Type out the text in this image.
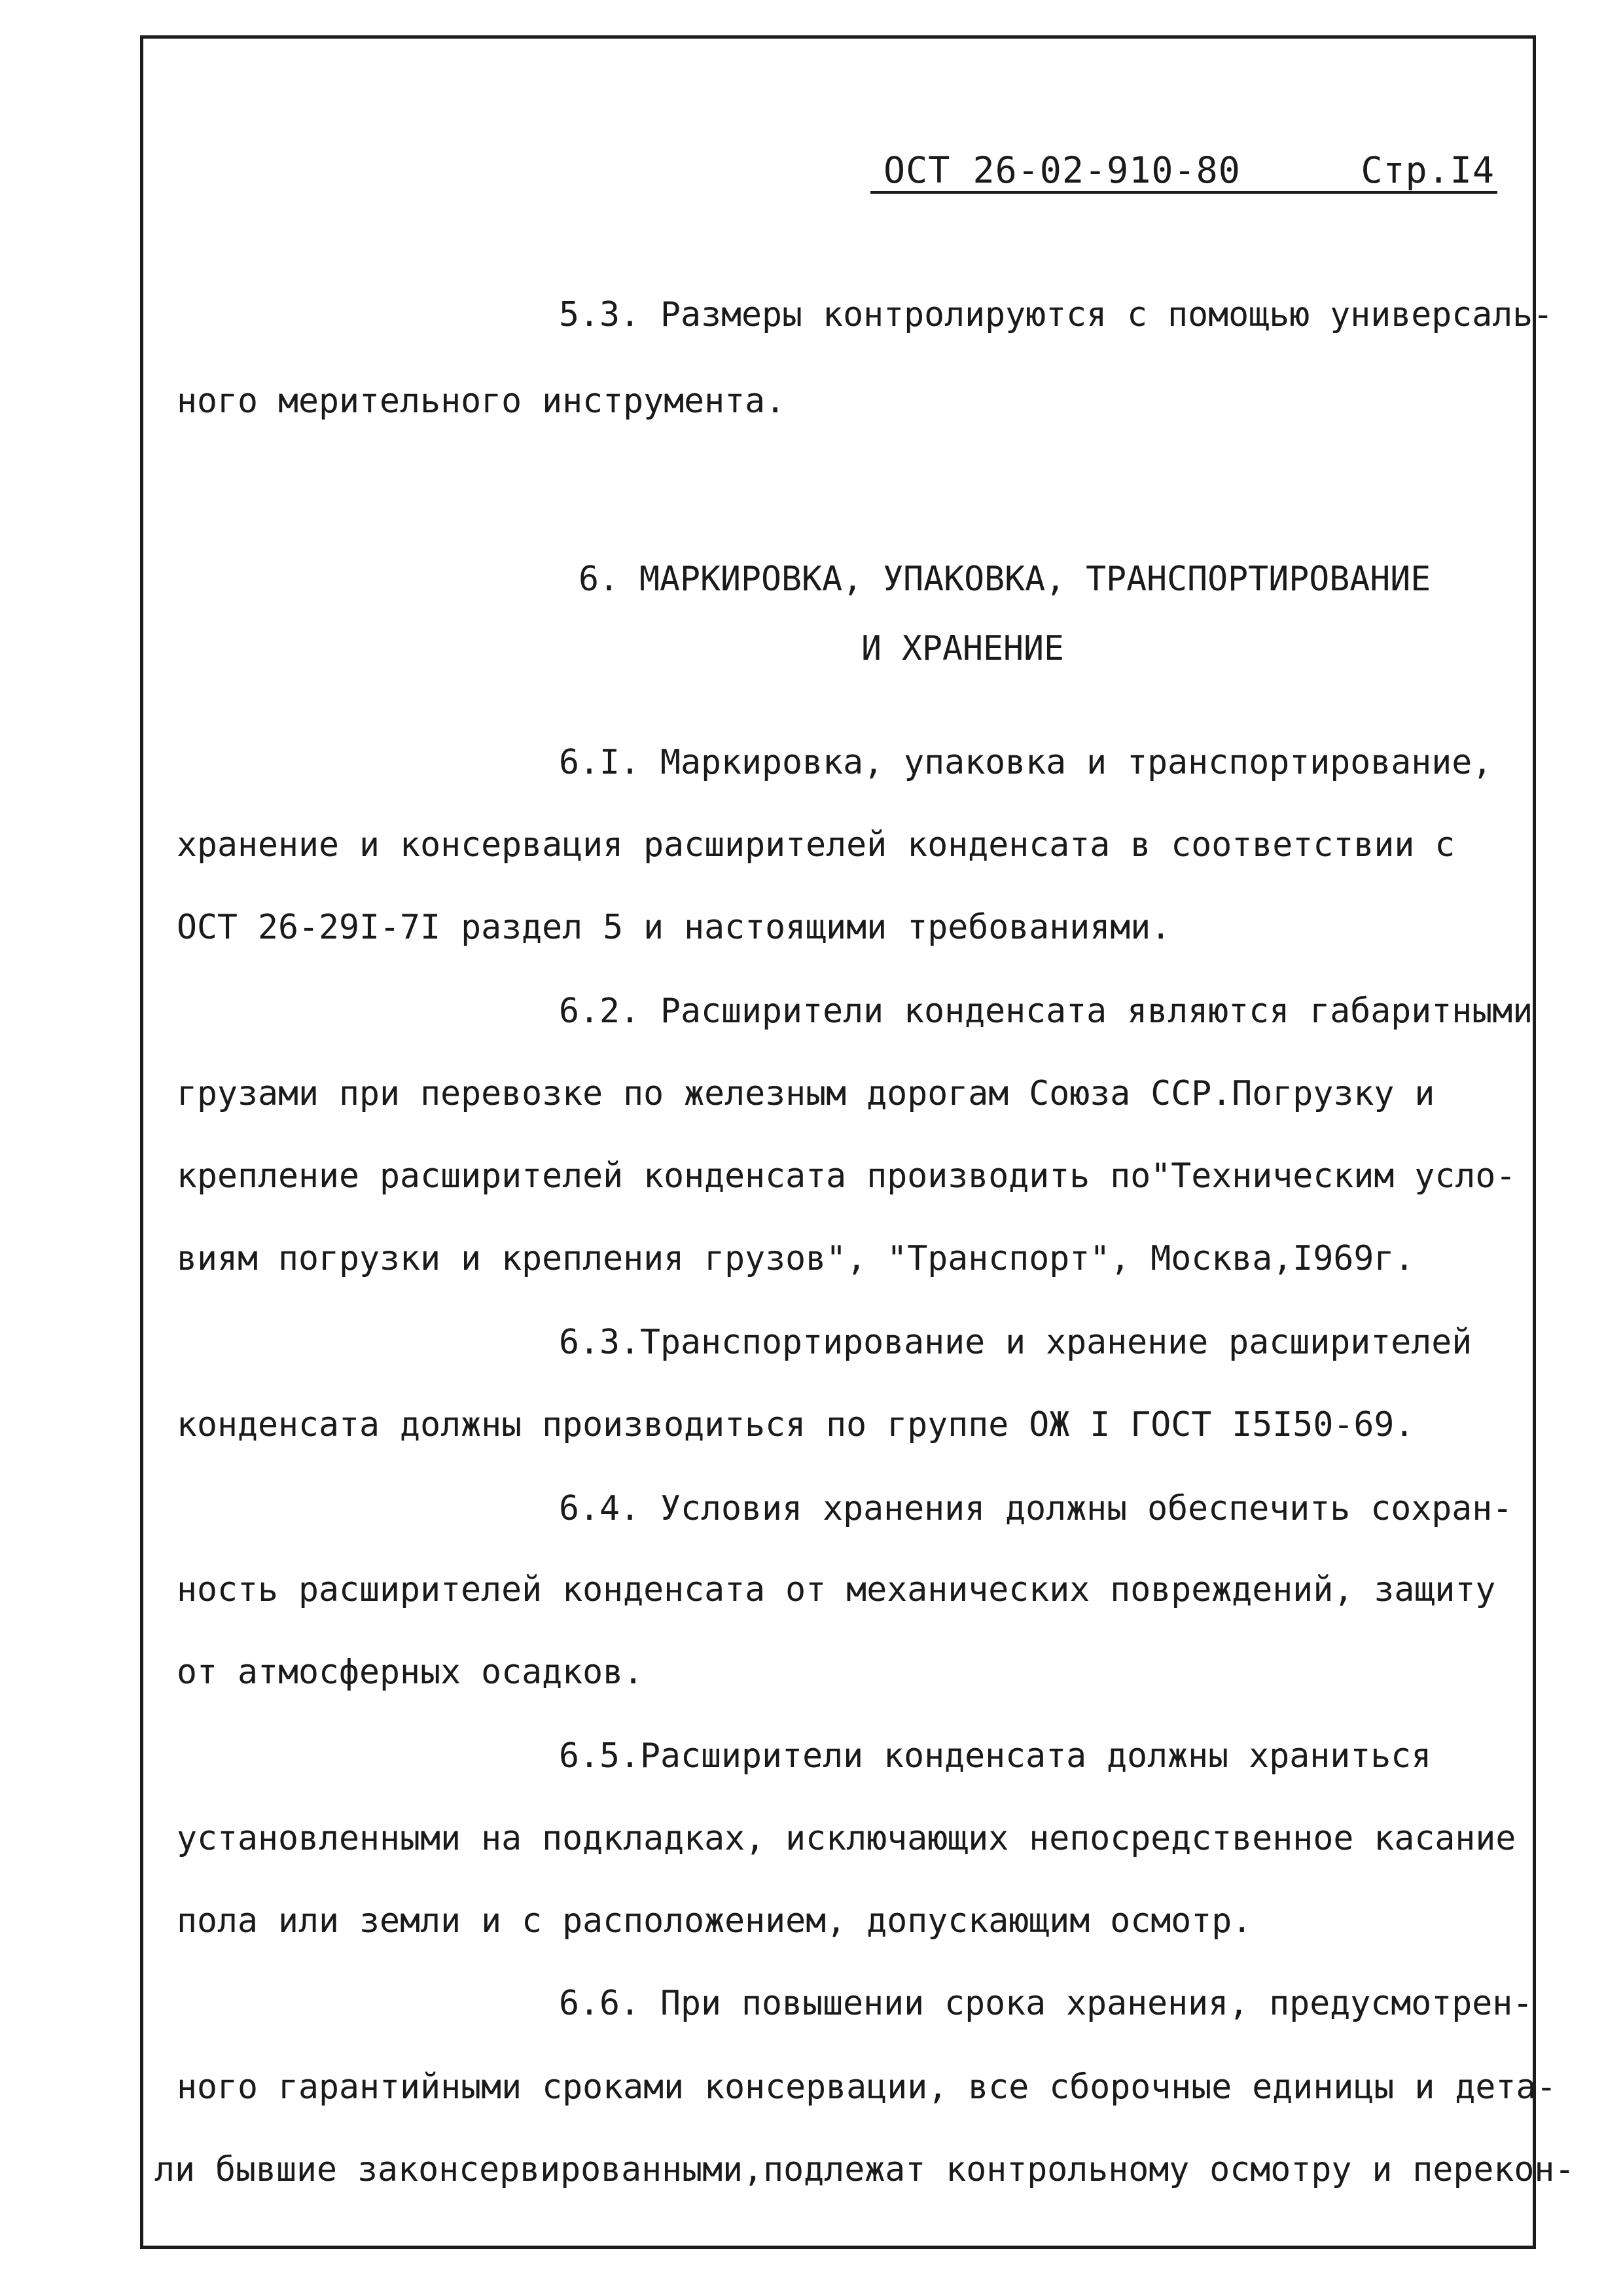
ОСТ 26-02-910-80	Стр.I4
5.3. Размеры контролируются с помощью универсаль-
ного мерительного инструмента.
6. МАРКИРОВКА, УПАКОВКА, ТРАНСПОРТИРОВАНИЕ
И ХРАНЕНИЕ
6.I. Маркировка, упаковка и транспортирование,
хранение и консервация расширителей конденсата в соответствии с
ОСТ 26-29I-7I раздел 5 и настоящими требованиями.
6.2. Расширители конденсата являются габаритными
грузами при перевозке по железным дорогам Союза ССР.Погрузку и
крепление расширителей конденсата производить по"Техническим усло-
виям погрузки и крепления грузов", "Транспорт", Москва,I969г.
6.3.Транспортирование и хранение расширителей
конденсата должны производиться по группе ОЖ I ГОСТ I5I50-69.
6.4. Условия хранения должны обеспечить сохран-
ность расширителей конденсата от механических повреждений, защиту
от атмосферных осадков.
6.5.Расширители конденсата должны храниться
установленными на подкладках, исключающих непосредственное касание
пола или земли и с расположением, допускающим осмотр.
6.6. При повышении срока хранения, предусмотрен-
ного гарантийными сроками консервации, все сборочные единицы и дета-
ли бывшие законсервированными,подлежат контрольному осмотру и перекон-
